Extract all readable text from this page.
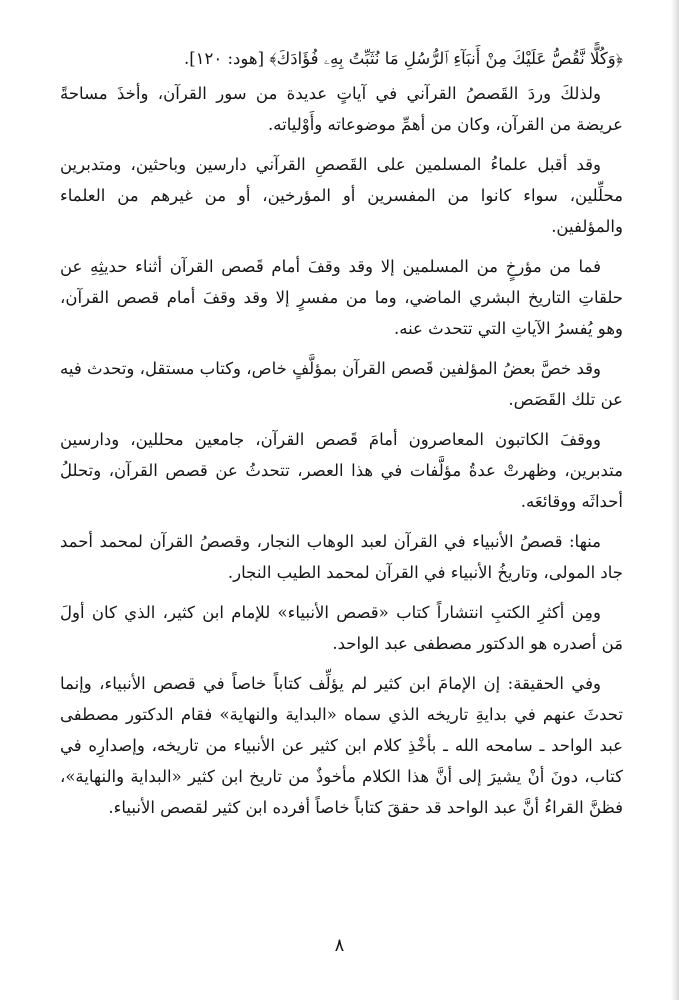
﴿وَكُلًّا نَّقُصُّ عَلَيْكَ مِنْ أَنبَآءِ ٱلرُّسُلِ مَا نُثَبِّتُ بِهِۦ فُؤَادَكَ﴾ [هود: ١٢٠].

ولذلكَ وردَ القَصصُ القرآني في آياتٍ عديدة من سور القرآن، وأخذَ مساحةً عريضة من القرآن، وكان من أهمِّ موضوعاته وأَوْلياته.

وقد أقبل علماءُ المسلمين على القَصصِ القرآني دارسين وباحثين، ومتدبرين محلِّلين، سواء كانوا من المفسرين أو المؤرخين، أو من غيرهم من العلماء والمؤلفين.

فما من مؤرخٍ من المسلمين إلا وقد وقفَ أمام قَصص القرآن أثناء حديثِهِ عن حلقاتِ التاريخ البشري الماضي، وما من مفسرٍ إلا وقد وقفَ أمام قصص القرآن، وهو يُفسرُ الآياتِ التي تتحدث عنه.

وقد خصَّ بعضُ المؤلفين قَصص القرآن بمؤلَّفٍ خاص، وكتاب مستقل، وتحدث فيه عن تلك القَصَص.

ووقفَ الكاتبون المعاصرون أمامَ قَصص القرآن، جامعين محللين، ودارسين متدبرين، وظهرتْ عدةُ مؤلَّفات في هذا العصر، تتحدثُ عن قصص القرآن، وتحللُ أحداثَه ووقائعَه.

منها: قصصُ الأنبياء في القرآن لعبد الوهاب النجار، وقصصُ القرآن لمحمد أحمد جاد المولى، وتاريخُ الأنبياء في القرآن لمحمد الطيب النجار.

ومِن أكثرِ الكتبِ انتشاراً كتاب «قصص الأنبياء» للإمام ابن كثير، الذي كان أولَ مَن أصدره هو الدكتور مصطفى عبد الواحد.

وفي الحقيقة: إن الإمامَ ابن كثير لم يؤلِّف كتاباً خاصاً في قصص الأنبياء، وإنما تحدثَ عنهم في بدايةِ تاريخه الذي سماه «البداية والنهاية» فقام الدكتور مصطفى عبد الواحد ـ سامحه الله ـ بأخْذِ كلام ابن كثير عن الأنبياء من تاريخه، وإصدارِه في كتاب، دونَ أنْ يشيرَ إلى أنَّ هذا الكلام مأخوذٌ من تاريخ ابن كثير «البداية والنهاية»، فظنَّ القراءُ أنَّ عبد الواحد قد حققَ كتاباً خاصاً أفرده ابن كثير لقصص الأنبياء.

٨
